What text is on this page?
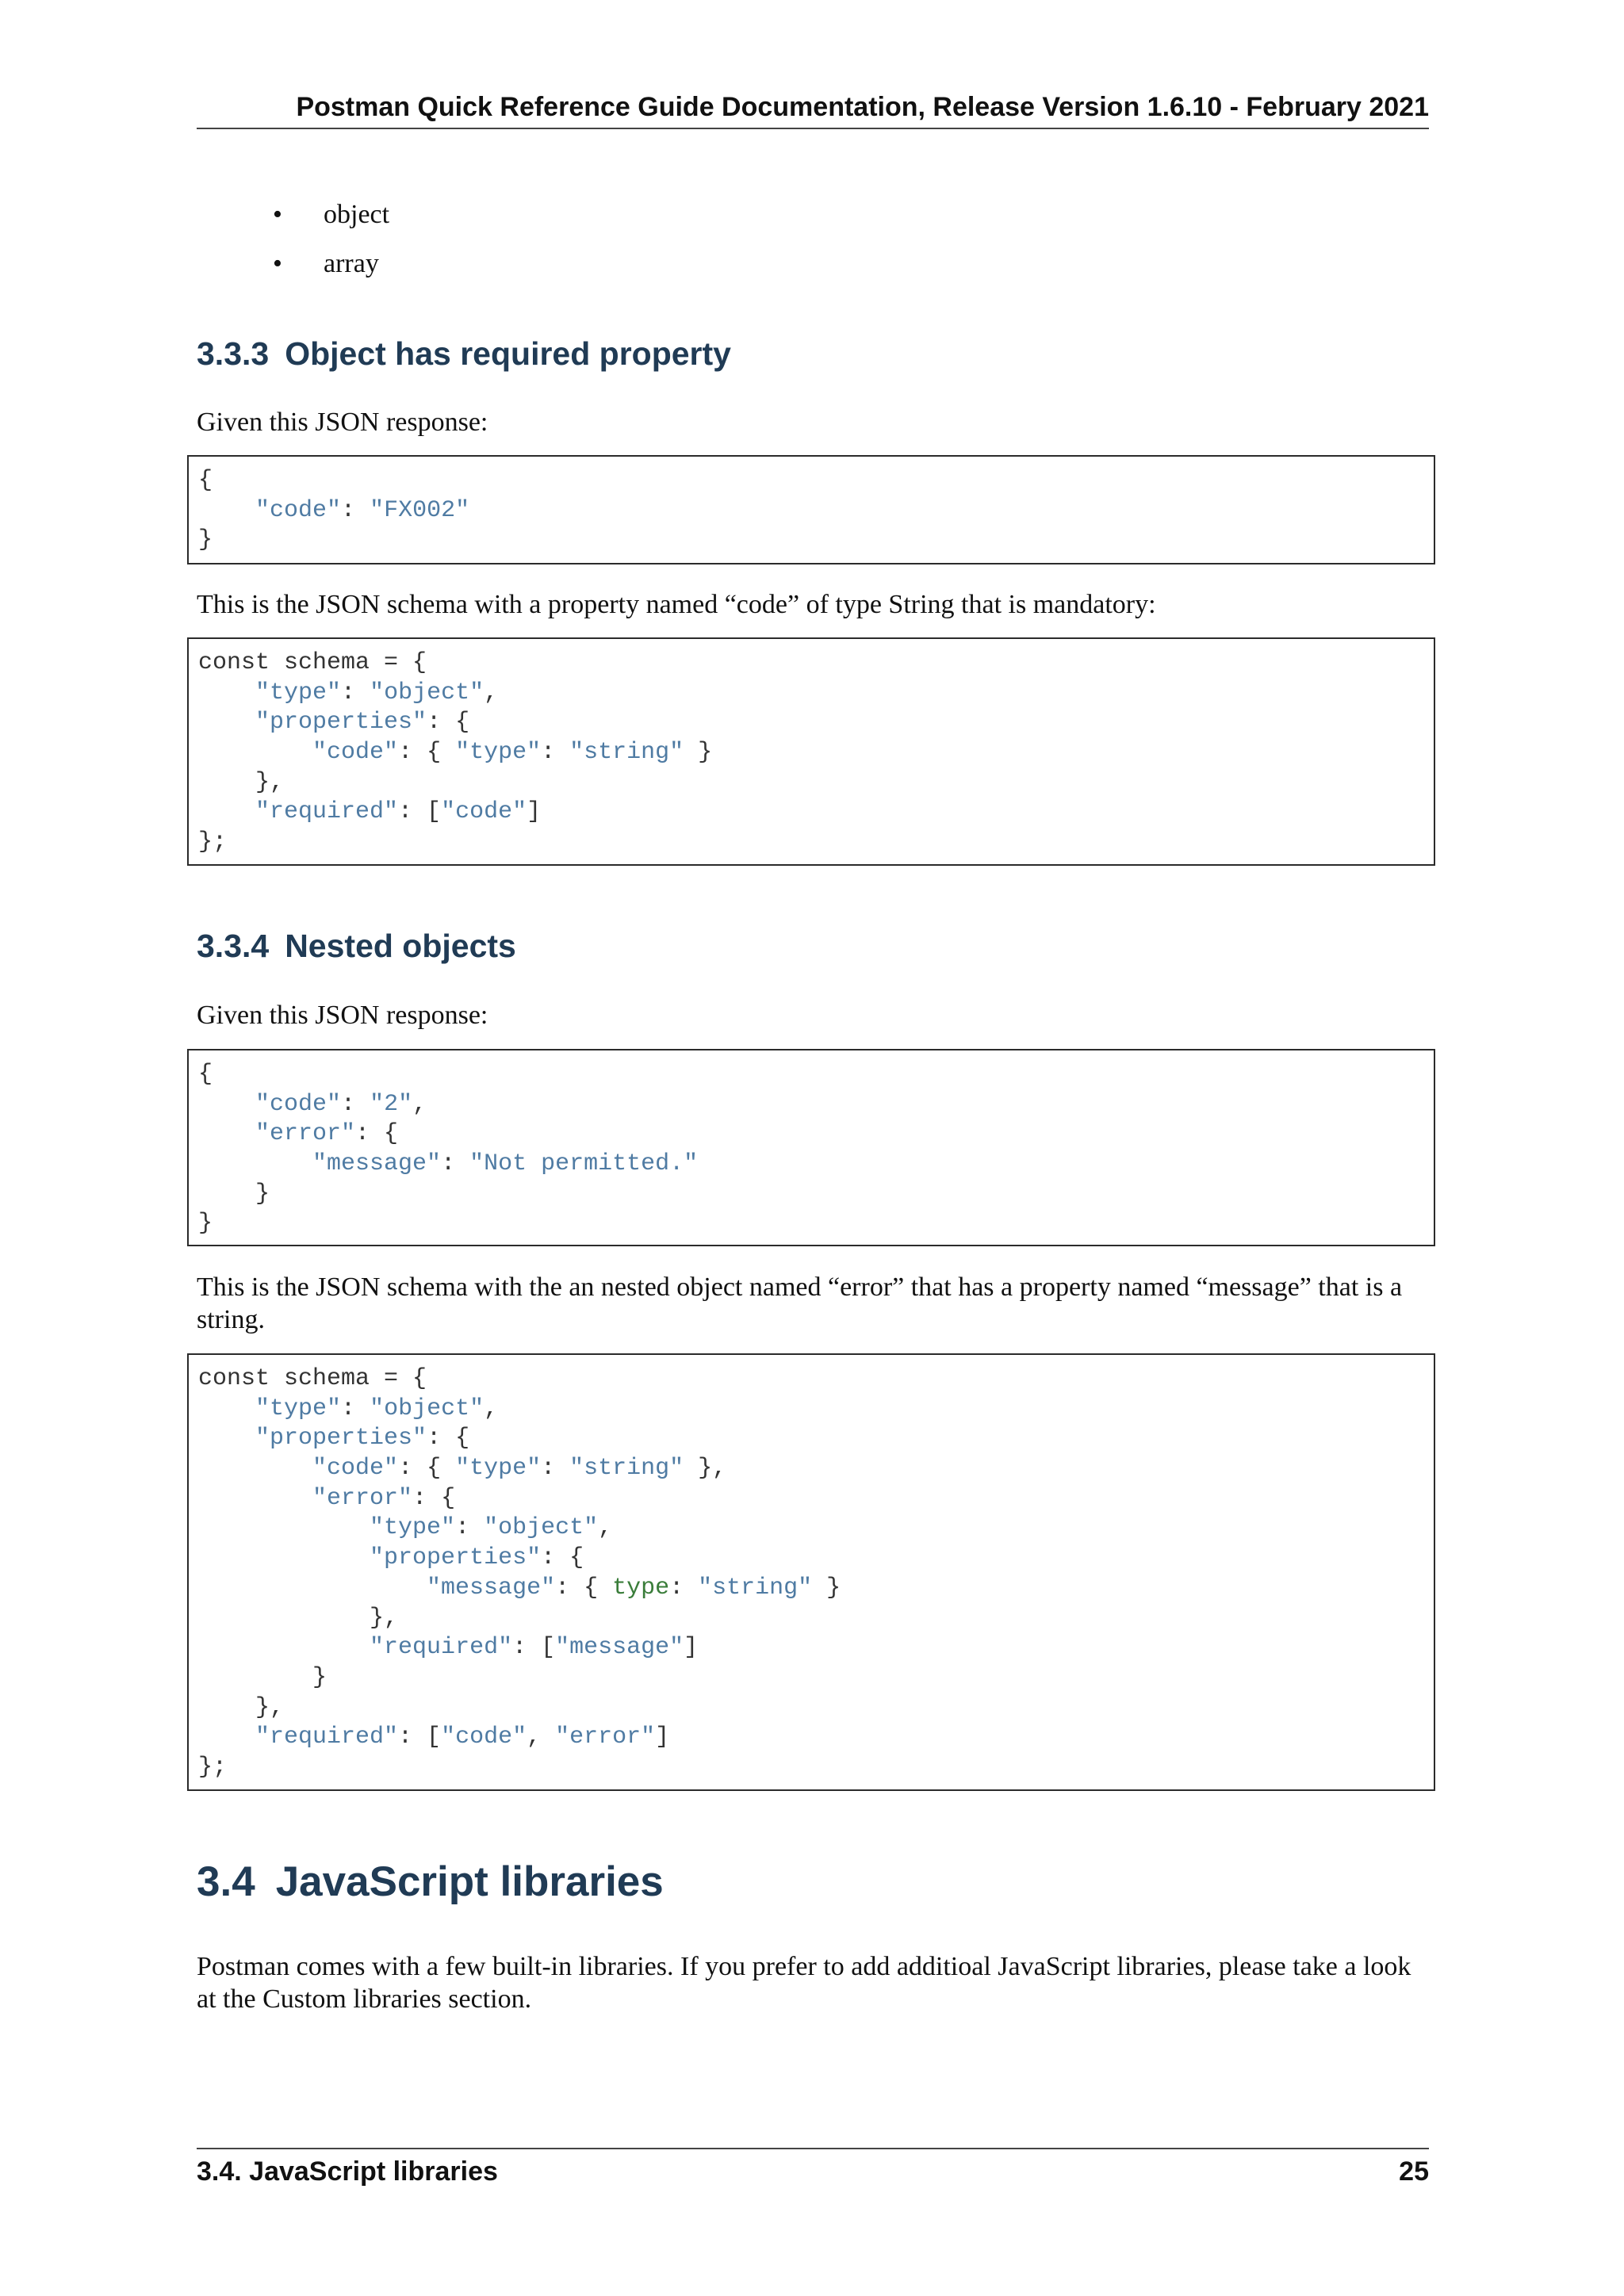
Postman Quick Reference Guide Documentation, Release Version 1.6.10 - February 2021
• object
• array
3.3.3 Object has required property

Given this JSON response:

{
"code": "FX002"
}

This is the JSON schema with a property named “code” of type String that is mandatory:

const schema = {
"type": "object",
"properties": {
"code": { "type": "string" }
},
"required": ["code"]
};
3.3.4 Nested objects

Given this JSON response:

{
"code": "2",
"error": {
"message": "Not permitted."
}
}

This is the JSON schema with the an nested object named “error” that has a property named “message” that is a string.

const schema = {
"type": "object",
"properties": {
"code": { "type": "string" },
"error": {
"type": "object",
"properties": {
"message": { type: "string" }
},
"required": ["message"]
}
},
"required": ["code", "error"]
};
3.4 JavaScript libraries

Postman comes with a few built-in libraries. If you prefer to add additioal JavaScript libraries, please take a look at the Custom libraries section.

3.4. JavaScript libraries	25
